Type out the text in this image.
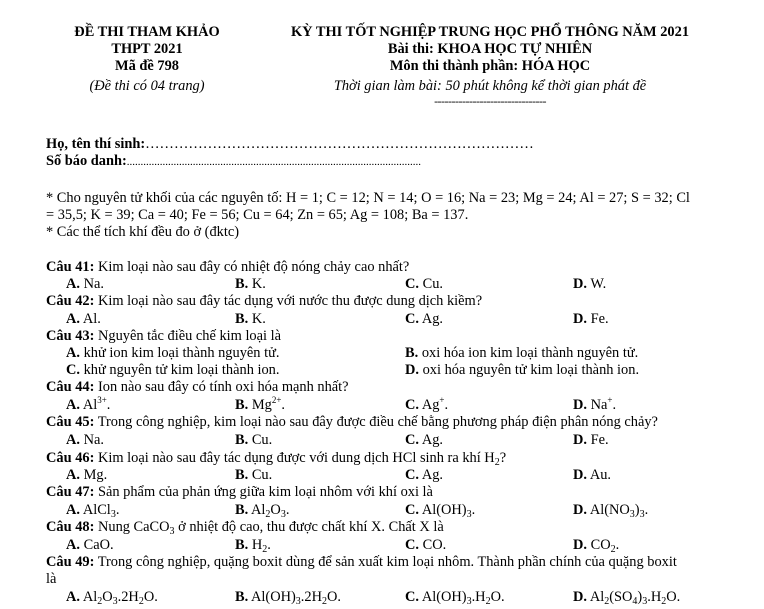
ĐỀ THI THAM KHẢO
THPT 2021
Mã đề 798
(Đề thi có 04 trang)
KỲ THI TỐT NGHIỆP TRUNG HỌC PHỔ THÔNG NĂM 2021
Bài thi: KHOA HỌC TỰ NHIÊN
Môn thi thành phần: HÓA HỌC
Thời gian làm bài: 50 phút không kể thời gian phát đề
--------------------------------
Họ, tên thí sinh:………………………………………………………………………
Số báo danh:...........................................................................................................
* Cho nguyên tử khối của các nguyên tố: H = 1; C = 12; N = 14; O = 16; Na = 23; Mg = 24; Al = 27; S = 32; Cl
= 35,5; K = 39; Ca = 40; Fe = 56; Cu = 64; Zn = 65; Ag = 108; Ba = 137.
* Các thể tích khí đều đo ở (đktc)
Câu 41: Kim loại nào sau đây có nhiệt độ nóng chảy cao nhất?
A. Na.	B. K.	C. Cu.	D. W.
Câu 42: Kim loại nào sau đây tác dụng với nước thu được dung dịch kiềm?
A. Al.	B. K.	C. Ag.	D. Fe.
Câu 43: Nguyên tắc điều chế kim loại là
A. khử ion kim loại thành nguyên tử.	B. oxi hóa ion kim loại thành nguyên tử.
C. khử nguyên tử kim loại thành ion.	D. oxi hóa nguyên tử kim loại thành ion.
Câu 44: Ion nào sau đây có tính oxi hóa mạnh nhất?
A. $Al^{3+}$.	B. $Mg^{2+}$.	C. Ag+.	D. Na+.
Câu 45: Trong công nghiệp, kim loại nào sau đây được điều chế bằng phương pháp điện phân nóng chảy?
A. Na.	B. Cu.	C. Ag.	D. Fe.
Câu 46: Kim loại nào sau đây tác dụng được với dung dịch HCl sinh ra khí $H_2$?
A. Mg.	B. Cu.	C. Ag.	D. Au.
Câu 47: Sản phẩm của phản ứng giữa kim loại nhôm với khí oxi là
A. AlCl$_3$.	B. $Al_2O_3$.	C. $Al(OH)_3$.	D. $Al(NO_3)_3$.
Câu 48: Nung CaCO$_3$ ở nhiệt độ cao, thu được chất khí X. Chất X là
A. CaO.	B. $H_2$.	C. CO.	D. $CO_2$.
Câu 49: Trong công nghiệp, quặng boxit dùng để sản xuất kim loại nhôm. Thành phần chính của quặng boxit
là
A. $Al_2O_3.2H_2O$.	B. $Al(OH)_3.2H_2O$.	C. $Al(OH)_3.H_2O$.	D. $Al_2(SO_4)_3.H_2O$.
